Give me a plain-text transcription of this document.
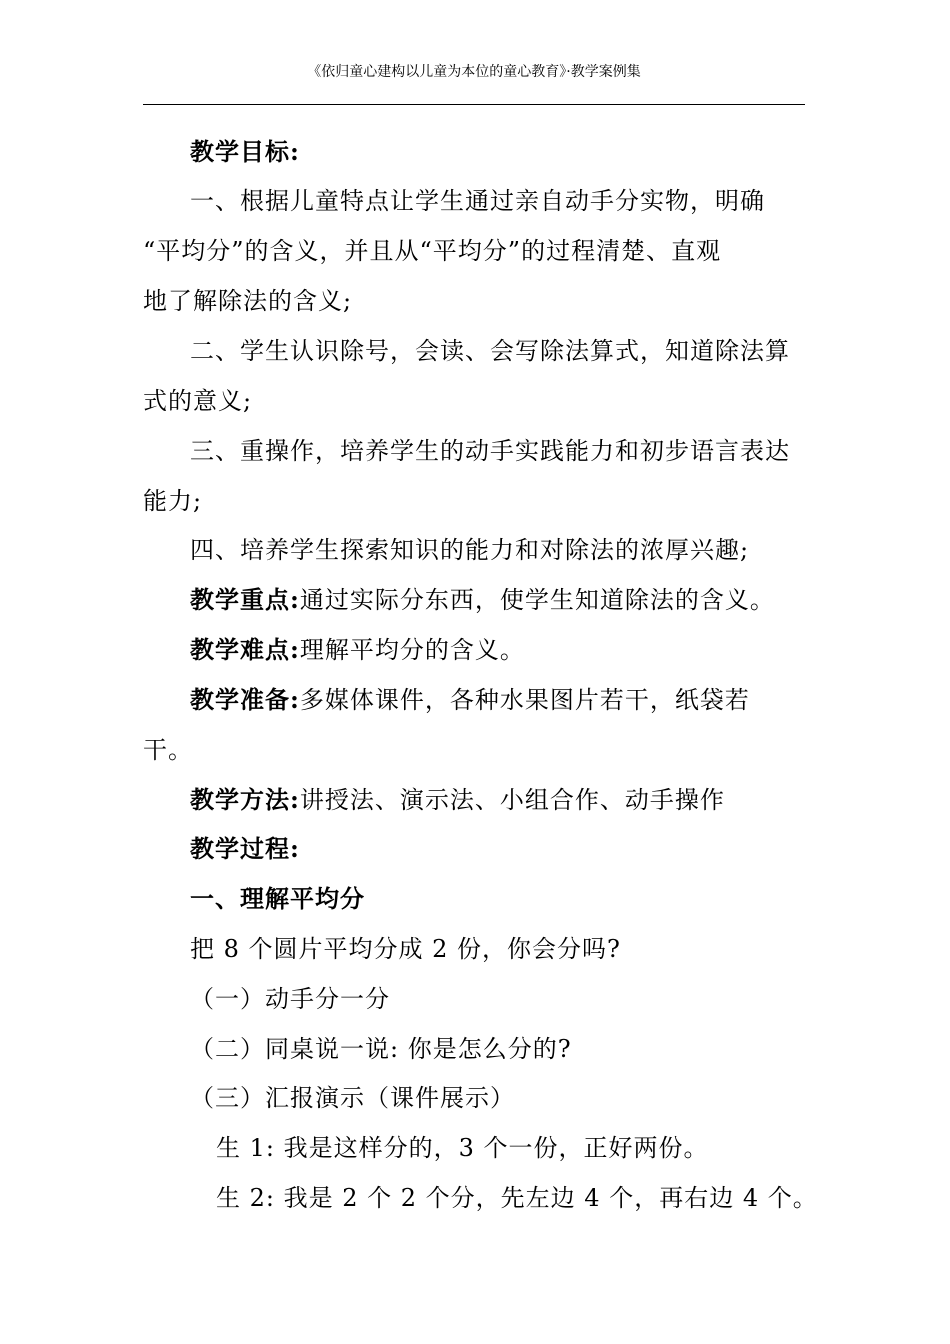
《依归童心建构以儿童为本位的童心教育》·教学案例集
教学目标:
一、根据儿童特点让学生通过亲自动手分实物，明确
“平均分”的含义，并且从“平均分”的过程清楚、直观
地了解除法的含义;
二、学生认识除号，会读、会写除法算式，知道除法算
式的意义;
三、重操作，培养学生的动手实践能力和初步语言表达
能力;
四、培养学生探索知识的能力和对除法的浓厚兴趣;
教学重点:通过实际分东西，使学生知道除法的含义。
教学难点:理解平均分的含义。
教学准备:多媒体课件，各种水果图片若干，纸袋若
干。
教学方法:讲授法、演示法、小组合作、动手操作
教学过程:
一、理解平均分
把 8 个圆片平均分成 2 份，你会分吗?
（一）动手分一分
（二）同桌说一说: 你是怎么分的?
（三）汇报演示（课件展示）
生 1: 我是这样分的，3 个一份，正好两份。
生 2: 我是 2 个 2 个分，先左边 4 个，再右边 4 个。
